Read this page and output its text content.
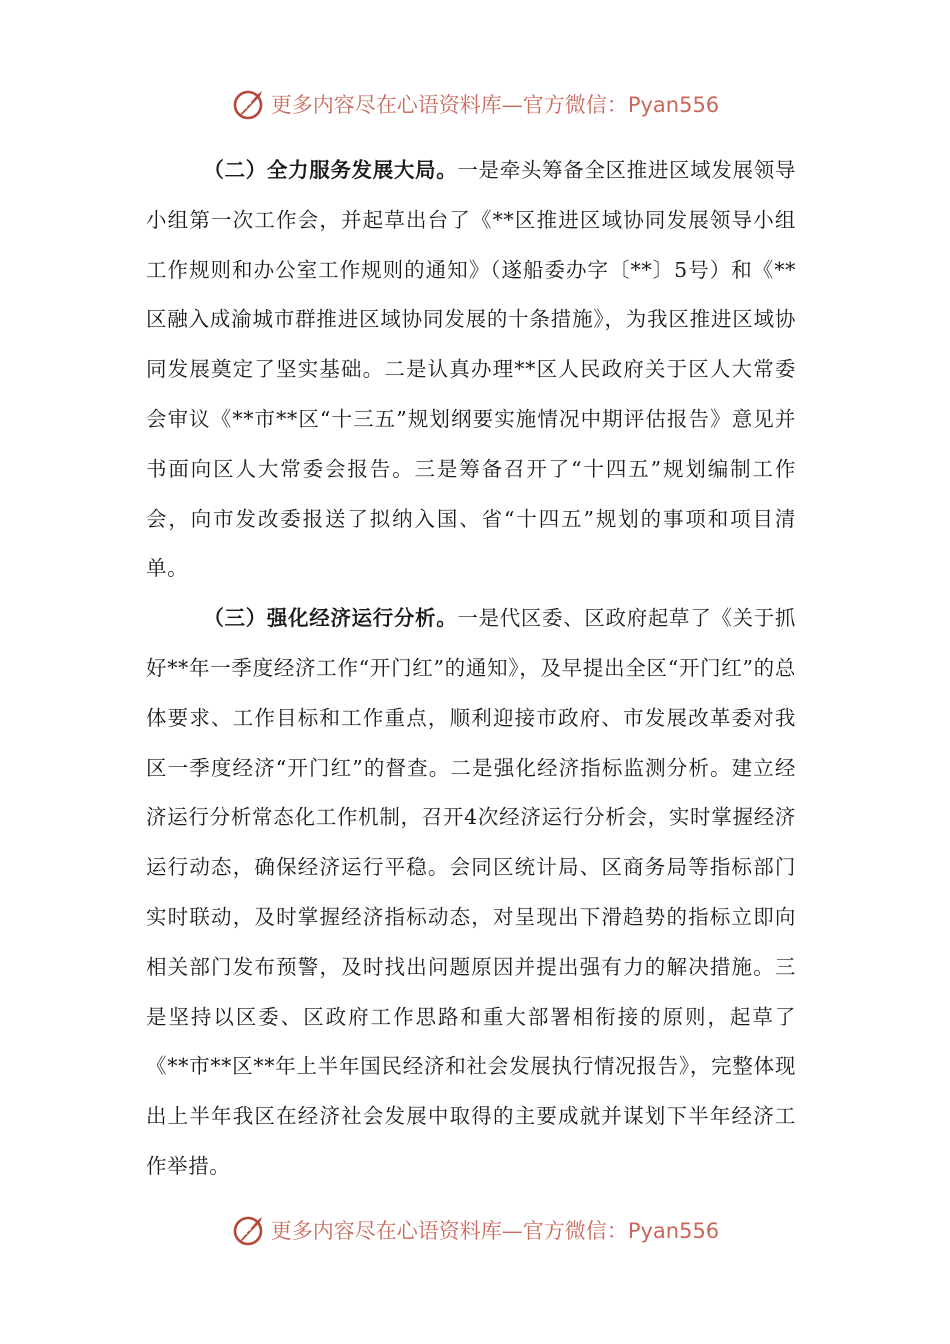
更多内容尽在心语资料库—官方微信：Pyan556

（二）全力服务发展大局。一是牵头筹备全区推进区域发展领导小组第一次工作会，并起草出台了《**区推进区域协同发展领导小组工作规则和办公室工作规则的通知》（遂船委办字〔**〕5号）和《**区融入成渝城市群推进区域协同发展的十条措施》，为我区推进区域协同发展奠定了坚实基础。二是认真办理**区人民政府关于区人大常委会审议《**市**区“十三五”规划纲要实施情况中期评估报告》意见并书面向区人大常委会报告。三是筹备召开了“十四五”规划编制工作会，向市发改委报送了拟纳入国、省“十四五”规划的事项和项目清单。

（三）强化经济运行分析。一是代区委、区政府起草了《关于抓好**年一季度经济工作“开门红”的通知》，及早提出全区“开门红”的总体要求、工作目标和工作重点，顺利迎接市政府、市发展改革委对我区一季度经济“开门红”的督查。二是强化经济指标监测分析。建立经济运行分析常态化工作机制，召开4次经济运行分析会，实时掌握经济运行动态，确保经济运行平稳。会同区统计局、区商务局等指标部门实时联动，及时掌握经济指标动态，对呈现出下滑趋势的指标立即向相关部门发布预警，及时找出问题原因并提出强有力的解决措施。三是坚持以区委、区政府工作思路和重大部署相衔接的原则，起草了《**市**区**年上半年国民经济和社会发展执行情况报告》，完整体现出上半年我区在经济社会发展中取得的主要成就并谋划下半年经济工作举措。

更多内容尽在心语资料库—官方微信：Pyan556
